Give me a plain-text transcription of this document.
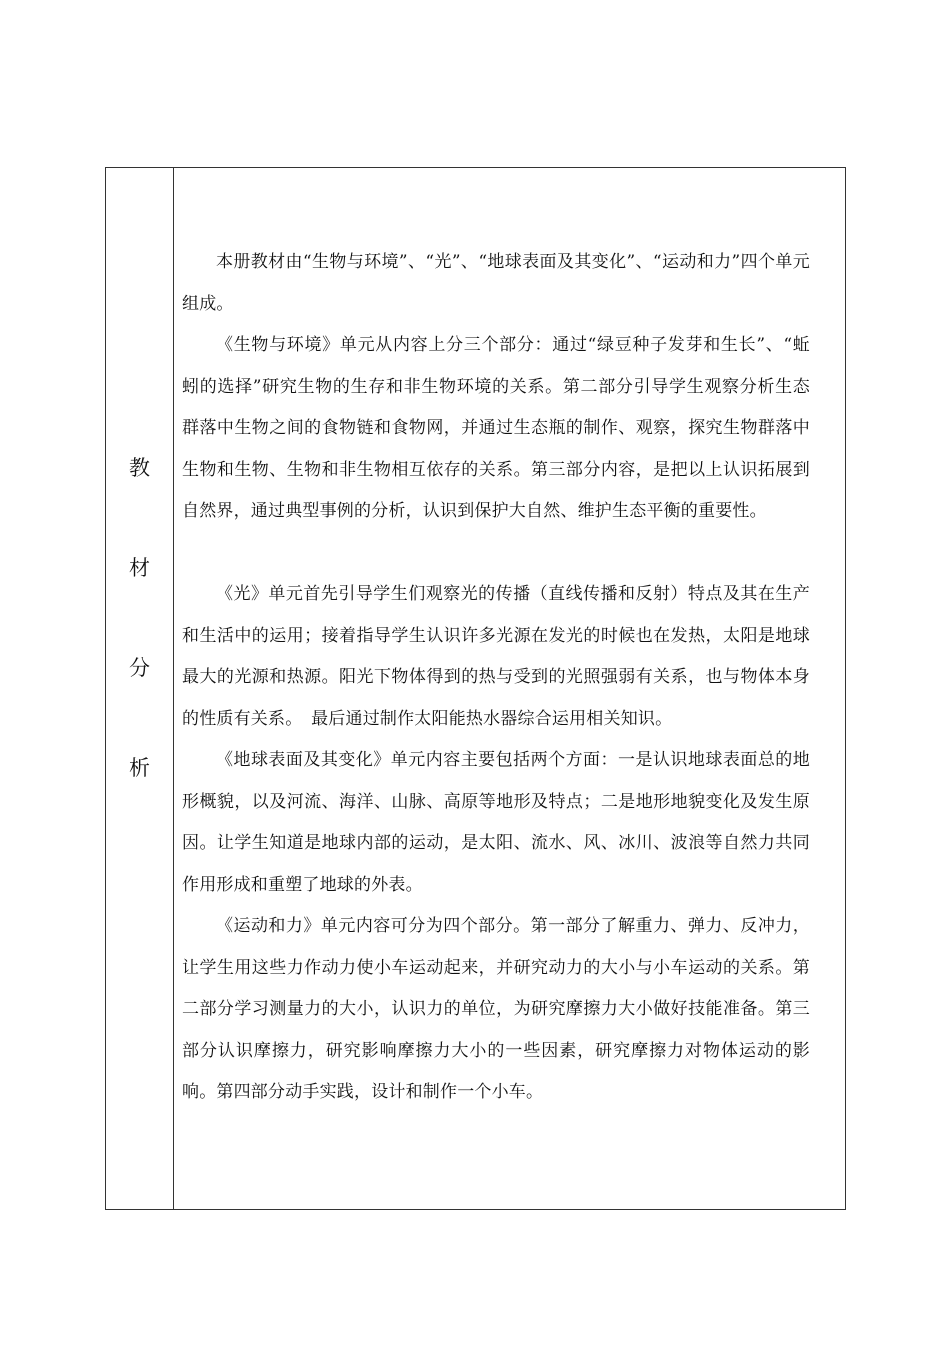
教
材
分
析

本册教材由“生物与环境”、“光”、“地球表面及其变化”、“运动和力”四个单元组成。

《生物与环境》单元从内容上分三个部分：通过“绿豆种子发芽和生长”、“蚯蚓的选择”研究生物的生存和非生物环境的关系。第二部分引导学生观察分析生态群落中生物之间的食物链和食物网，并通过生态瓶的制作、观察，探究生物群落中生物和生物、生物和非生物相互依存的关系。第三部分内容，是把以上认识拓展到自然界，通过典型事例的分析，认识到保护大自然、维护生态平衡的重要性。

《光》单元首先引导学生们观察光的传播（直线传播和反射）特点及其在生产和生活中的运用；接着指导学生认识许多光源在发光的时候也在发热，太阳是地球最大的光源和热源。阳光下物体得到的热与受到的光照强弱有关系，也与物体本身的性质有关系。　最后通过制作太阳能热水器综合运用相关知识。

《地球表面及其变化》单元内容主要包括两个方面：一是认识地球表面总的地形概貌，以及河流、海洋、山脉、高原等地形及特点；二是地形地貌变化及发生原因。让学生知道是地球内部的运动，是太阳、流水、风、冰川、波浪等自然力共同作用形成和重塑了地球的外表。

《运动和力》单元内容可分为四个部分。第一部分了解重力、弹力、反冲力，让学生用这些力作动力使小车运动起来，并研究动力的大小与小车运动的关系。第二部分学习测量力的大小，认识力的单位，为研究摩擦力大小做好技能准备。第三部分认识摩擦力，研究影响摩擦力大小的一些因素，研究摩擦力对物体运动的影响。第四部分动手实践，设计和制作一个小车。
